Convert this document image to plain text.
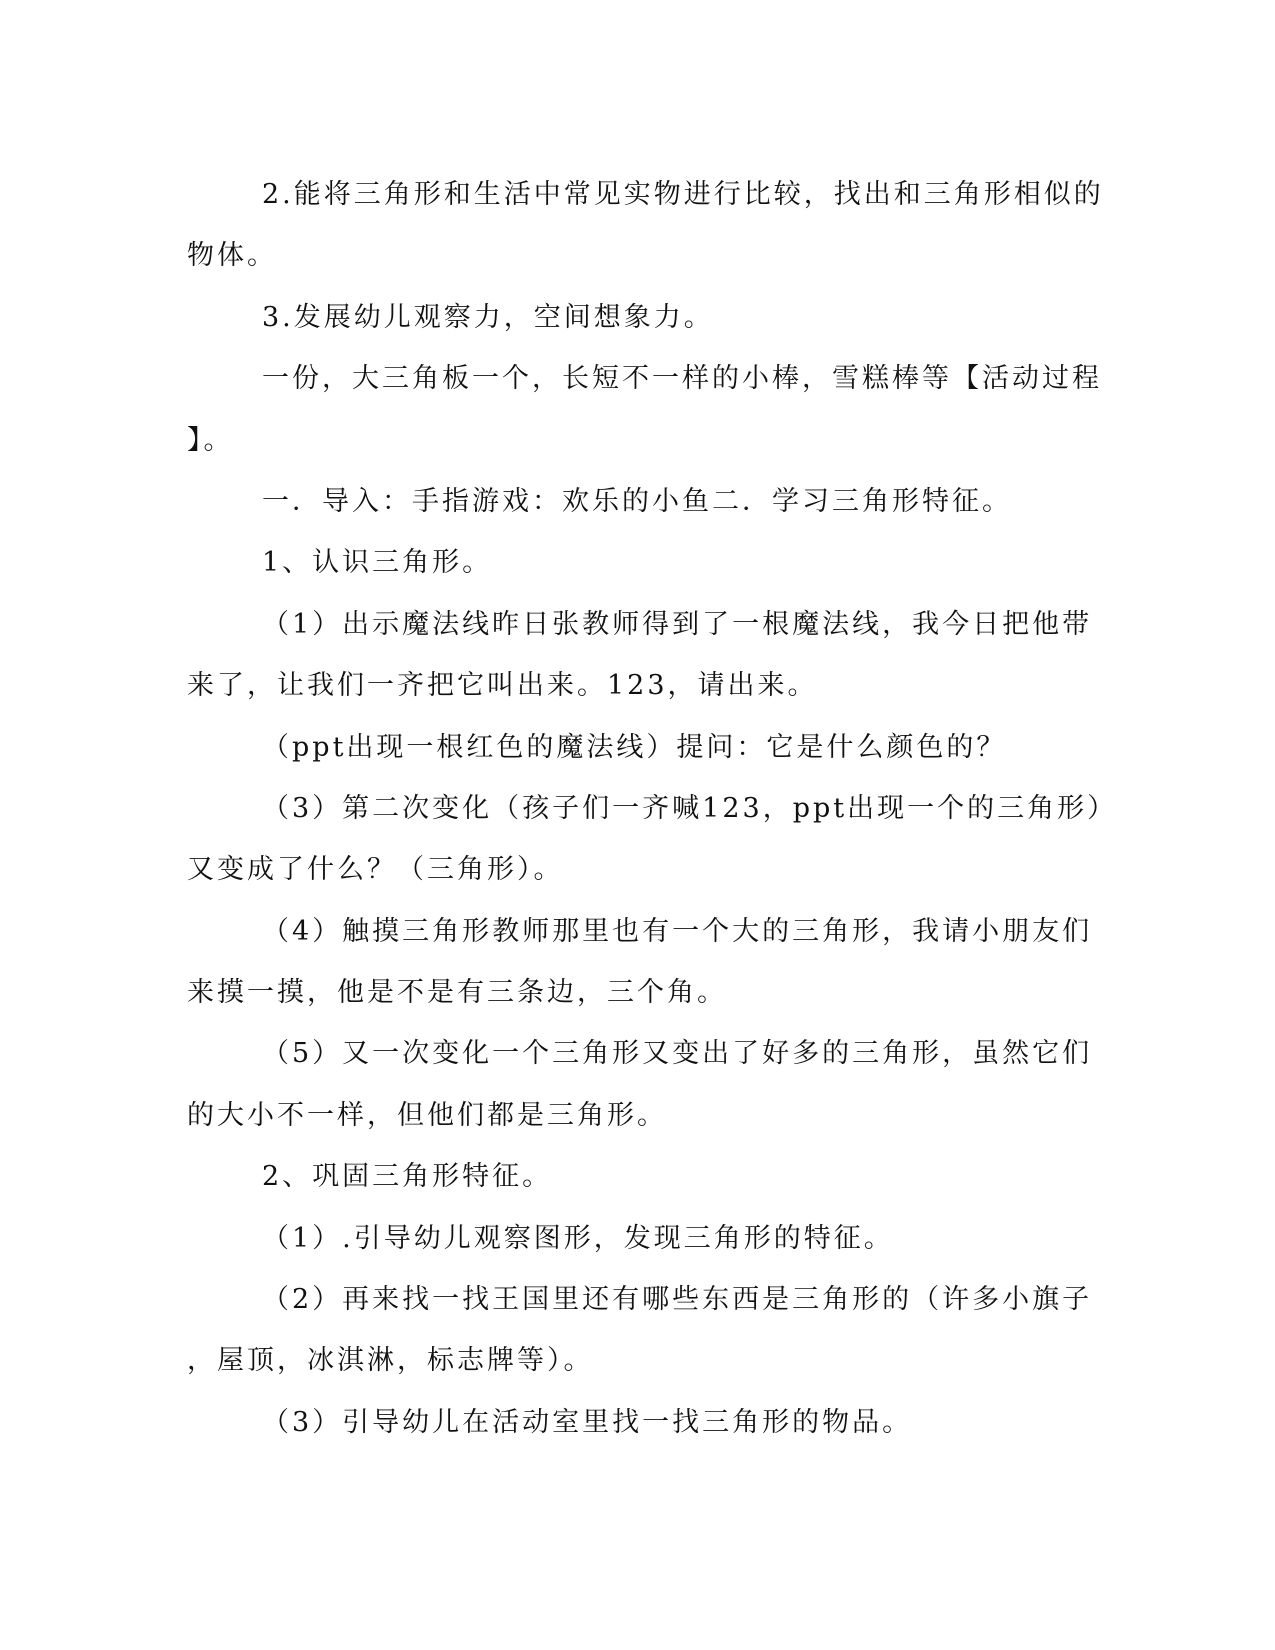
2.能将三角形和生活中常见实物进行比较，找出和三角形相似的
物体。
3.发展幼儿观察力，空间想象力。
一份，大三角板一个，长短不一样的小棒，雪糕棒等【活动过程
】。
一．导入：手指游戏：欢乐的小鱼二．学习三角形特征。
1、认识三角形。
（1）出示魔法线昨日张教师得到了一根魔法线，我今日把他带
来了，让我们一齐把它叫出来。123，请出来。
（ppt出现一根红色的魔法线）提问：它是什么颜色的？
（3）第二次变化（孩子们一齐喊123，ppt出现一个的三角形）
又变成了什么？（三角形）。
（4）触摸三角形教师那里也有一个大的三角形，我请小朋友们
来摸一摸，他是不是有三条边，三个角。
（5）又一次变化一个三角形又变出了好多的三角形，虽然它们
的大小不一样，但他们都是三角形。
2、巩固三角形特征。
（1）.引导幼儿观察图形，发现三角形的特征。
（2）再来找一找王国里还有哪些东西是三角形的（许多小旗子
，屋顶，冰淇淋，标志牌等）。
（3）引导幼儿在活动室里找一找三角形的物品。
